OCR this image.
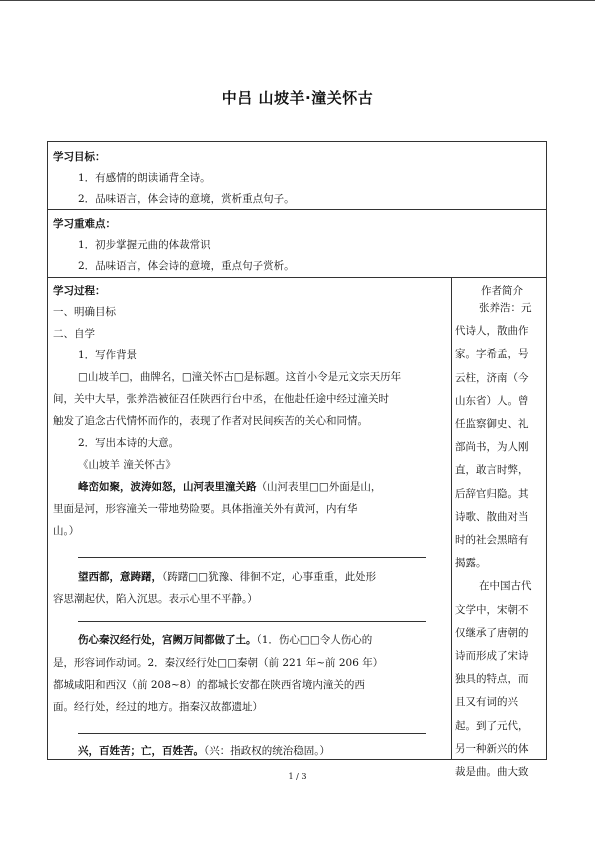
中吕 山坡羊·潼关怀古
学习目标：
1．有感情的朗读诵背全诗。
2．品味语言，体会诗的意境，赏析重点句子。
学习重难点：
1．初步掌握元曲的体裁常识
2．品味语言，体会诗的意境，重点句子赏析。
学习过程：
一、明确目标
二、自学
1．写作背景
□山坡羊□，曲牌名，□潼关怀古□是标题。这首小令是元文宗天历年
间，关中大旱，张养浩被征召任陕西行台中丞，在他赴任途中经过潼关时
触发了追念古代情怀而作的，表现了作者对民间疾苦的关心和同情。
2．写出本诗的大意。
《山坡羊 潼关怀古》
峰峦如聚，波涛如怒，山河表里潼关路（山河表里□□外面是山，
里面是河，形容潼关一带地势险要。具体指潼关外有黄河，内有华
山。）
望西都，意踌躇，（踌躇□□犹豫、徘徊不定，心事重重，此处形
容思潮起伏，陷入沉思。表示心里不平静。）
伤心秦汉经行处，宫阙万间都做了土。（1．伤心□□令人伤心的
是，形容词作动词。2．秦汉经行处□□秦朝（前 221 年~前 206 年）
都城咸阳和西汉（前 208~8）的都城长安都在陕西省境内潼关的西
面。经行处，经过的地方。指秦汉故都遗址）
兴，百姓苦；亡，百姓苦。（兴：指政权的统治稳固。）
作者简介
张养浩：元
代诗人，散曲作
家。字希孟，号
云柱，济南（今
山东省）人。曾
任监察御史、礼
部尚书，为人刚
直，敢言时弊，
后辞官归隐。其
诗歌、散曲对当
时的社会黑暗有
揭露。
在中国古代
文学中，宋朝不
仅继承了唐朝的
诗而形成了宋诗
独具的特点，而
且又有词的兴
起。到了元代，
另一种新兴的体
裁是曲。曲大致
1 / 3
